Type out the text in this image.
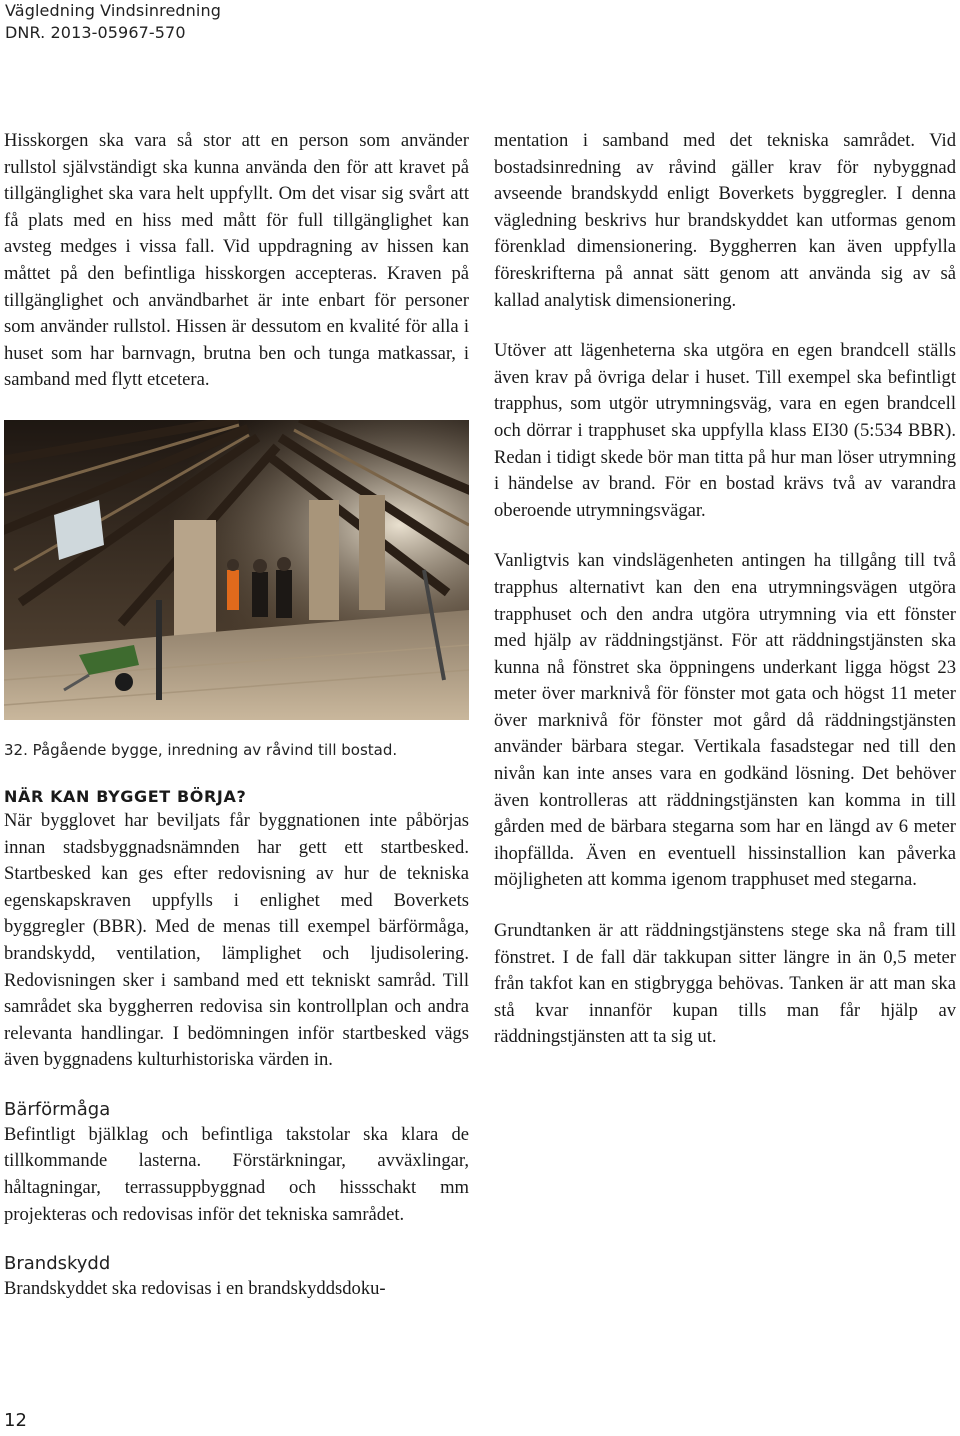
Vägledning Vindsinredning
DNR. 2013-05967-570

Hisskorgen ska vara så stor att en person som använder rullstol självständigt ska kunna använda den för att kravet på tillgänglighet ska vara helt uppfyllt. Om det visar sig svårt att få plats med en hiss med mått för full tillgänglighet kan avsteg medges i vissa fall. Vid uppdragning av hissen kan måttet på den befintliga hisskorgen accepteras. Kraven på tillgänglighet och användbarhet är inte enbart för personer som använder rullstol. Hissen är dessutom en kvalité för alla i huset som har barnvagn, brutna ben och tunga matkassar, i samband med flytt etcetera.

32. Pågående bygge, inredning av råvind till bostad.
NÄR KAN BYGGET BÖRJA?

När bygglovet har beviljats får byggnationen inte påbörjas innan stadsbyggnadsnämnden har gett ett startbesked. Startbesked kan ges efter redovisning av hur de tekniska egenskapskraven uppfylls i enlighet med Boverkets byggregler (BBR). Med de menas till exempel bärförmåga, brandskydd, ventilation, lämplighet och ljudisolering. Redovisningen sker i samband med ett tekniskt samråd. Till samrådet ska byggherren redovisa sin kontrollplan och andra relevanta handlingar. I bedömningen inför startbesked vägs även byggnadens kulturhistoriska värden in.

Bärförmåga

Befintligt bjälklag och befintliga takstolar ska klara de tillkommande lasterna. Förstärkningar, avväxlingar, håltagningar, terrassuppbyggnad och hissschakt mm projekteras och redovisas inför det tekniska samrådet.

Brandskydd

Brandskyddet ska redovisas i en brandskyddsdoku-

mentation i samband med det tekniska samrådet. Vid bostadsinredning av råvind gäller krav för nybyggnad avseende brandskydd enligt Boverkets byggregler. I denna vägledning beskrivs hur brandskyddet kan utformas genom förenklad dimensionering. Byggherren kan även uppfylla föreskrifterna på annat sätt genom att använda sig av så kallad analytisk dimensionering.

Utöver att lägenheterna ska utgöra en egen brandcell ställs även krav på övriga delar i huset. Till exempel ska befintligt trapphus, som utgör utrymningsväg, vara en egen brandcell och dörrar i trapphuset ska uppfylla klass EI30 (5:534 BBR). Redan i tidigt skede bör man titta på hur man löser utrymning i händelse av brand. För en bostad krävs två av varandra oberoende utrymningsvägar.

Vanligtvis kan vindslägenheten antingen ha tillgång till två trapphus alternativt kan den ena utrymningsvägen utgöra trapphuset och den andra utgöra utrymning via ett fönster med hjälp av räddningstjänst. För att räddningstjänsten ska kunna nå fönstret ska öppningens underkant ligga högst 23 meter över marknivå för fönster mot gata och högst 11 meter över marknivå för fönster mot gård då räddningstjänsten använder bärbara stegar. Vertikala fasadstegar ned till den nivån kan inte anses vara en godkänd lösning. Det behöver även kontrolleras att räddningstjänsten kan komma in till gården med de bärbara stegarna som har en längd av 6 meter ihopfällda. Även en eventuell hissinstallion kan påverka möjligheten att komma igenom trapphuset med stegarna.

Grundtanken är att räddningstjänstens stege ska nå fram till fönstret. I de fall där takkupan sitter längre in än 0,5 meter från takfot kan en stigbrygga behövas. Tanken är att man ska stå kvar innanför kupan tills man får hjälp av räddningstjänsten att ta sig ut.

12
